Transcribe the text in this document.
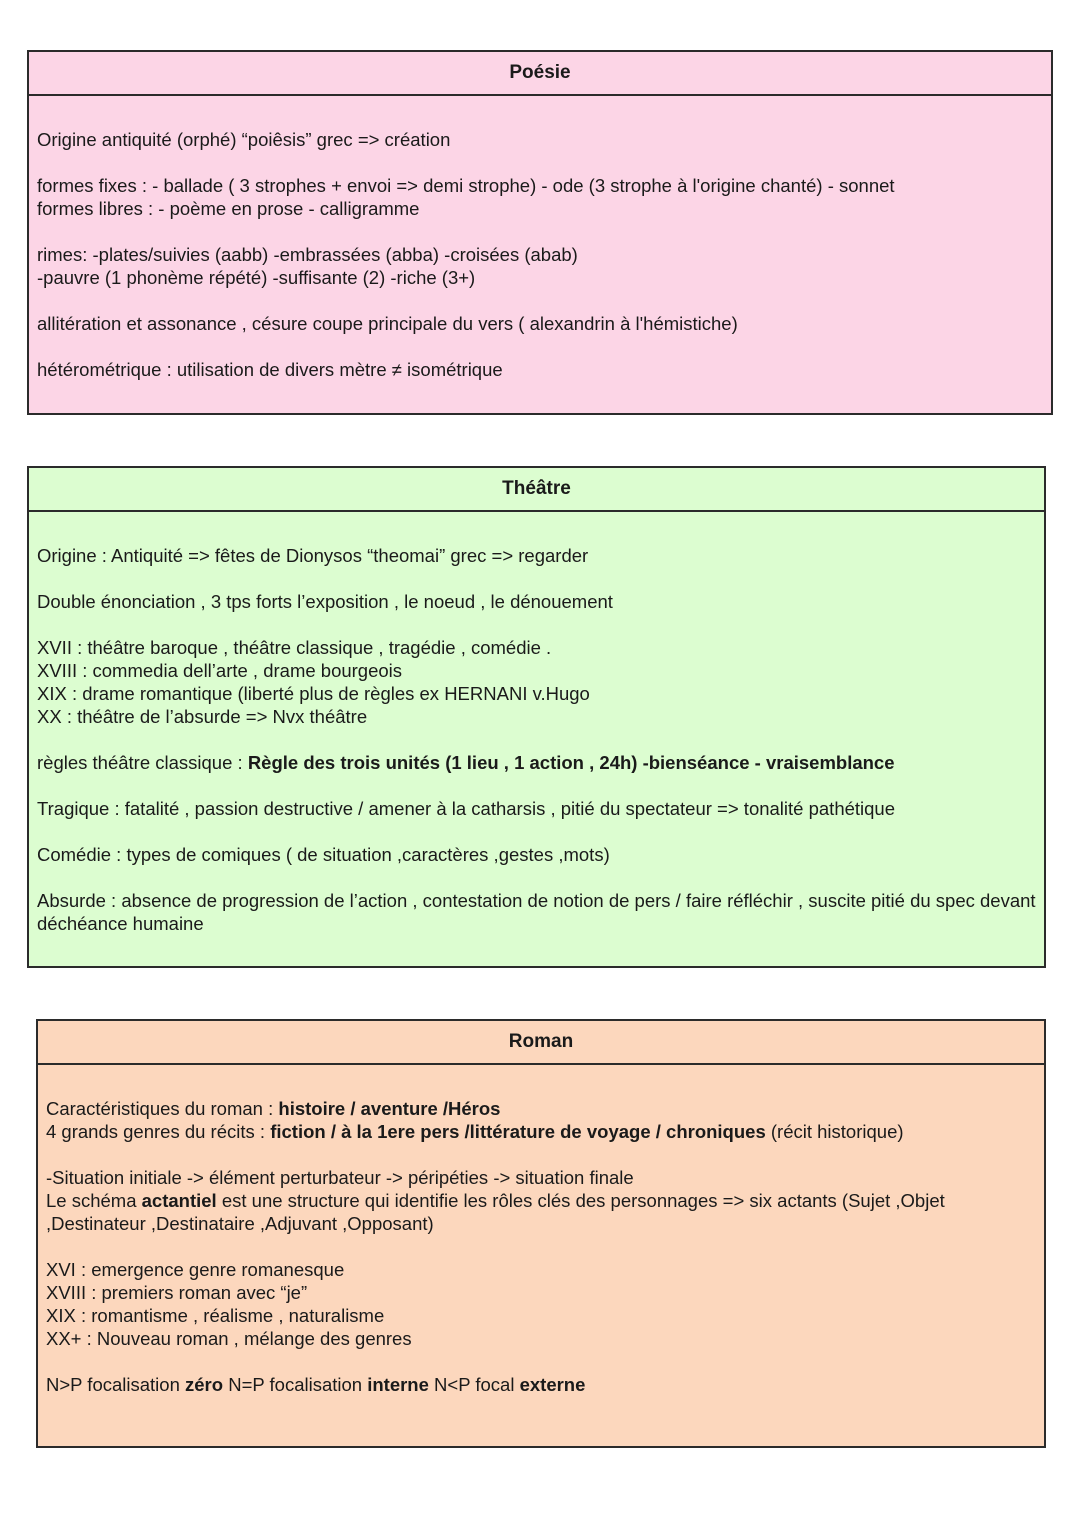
Poésie

Origine antiquité (orphé) “poiêsis” grec => création

formes fixes : - ballade ( 3 strophes + envoi => demi strophe) - ode (3 strophe à l'origine chanté) - sonnet
formes libres : - poème en prose - calligramme

rimes: -plates/suivies (aabb) -embrassées (abba) -croisées (abab)
-pauvre (1 phonème répété) -suffisante (2) -riche (3+)

allitération et assonance , césure coupe principale du vers ( alexandrin à l'hémistiche)

hétérométrique : utilisation de divers mètre ≠ isométrique

Théâtre

Origine : Antiquité => fêtes de Dionysos “theomai” grec => regarder

Double énonciation , 3 tps forts l’exposition , le noeud , le dénouement

XVII : théâtre baroque , théâtre classique , tragédie , comédie .
XVIII : commedia dell’arte , drame bourgeois
XIX : drame romantique (liberté plus de règles ex HERNANI v.Hugo
XX : théâtre de l’absurde => Nvx théâtre

règles théâtre classique : Règle des trois unités (1 lieu , 1 action , 24h) -bienséance - vraisemblance

Tragique : fatalité , passion destructive / amener à la catharsis , pitié du spectateur => tonalité pathétique

Comédie : types de comiques ( de situation ,caractères ,gestes ,mots)

Absurde : absence de progression de l’action , contestation de notion de pers / faire réfléchir , suscite pitié du spec devant déchéance humaine

Roman

Caractéristiques du roman : histoire / aventure /Héros
4 grands genres du récits : fiction / à la 1ere pers /littérature de voyage / chroniques (récit historique)

-Situation initiale -> élément perturbateur -> péripéties -> situation finale
Le schéma actantiel est une structure qui identifie les rôles clés des personnages => six actants (Sujet ,Objet ,Destinateur ,Destinataire ,Adjuvant ,Opposant)

XVI : emergence genre romanesque
XVIII : premiers roman avec “je”
XIX : romantisme , réalisme , naturalisme
XX+ : Nouveau roman , mélange des genres

N>P focalisation zéro N=P focalisation interne N<P focal externe
